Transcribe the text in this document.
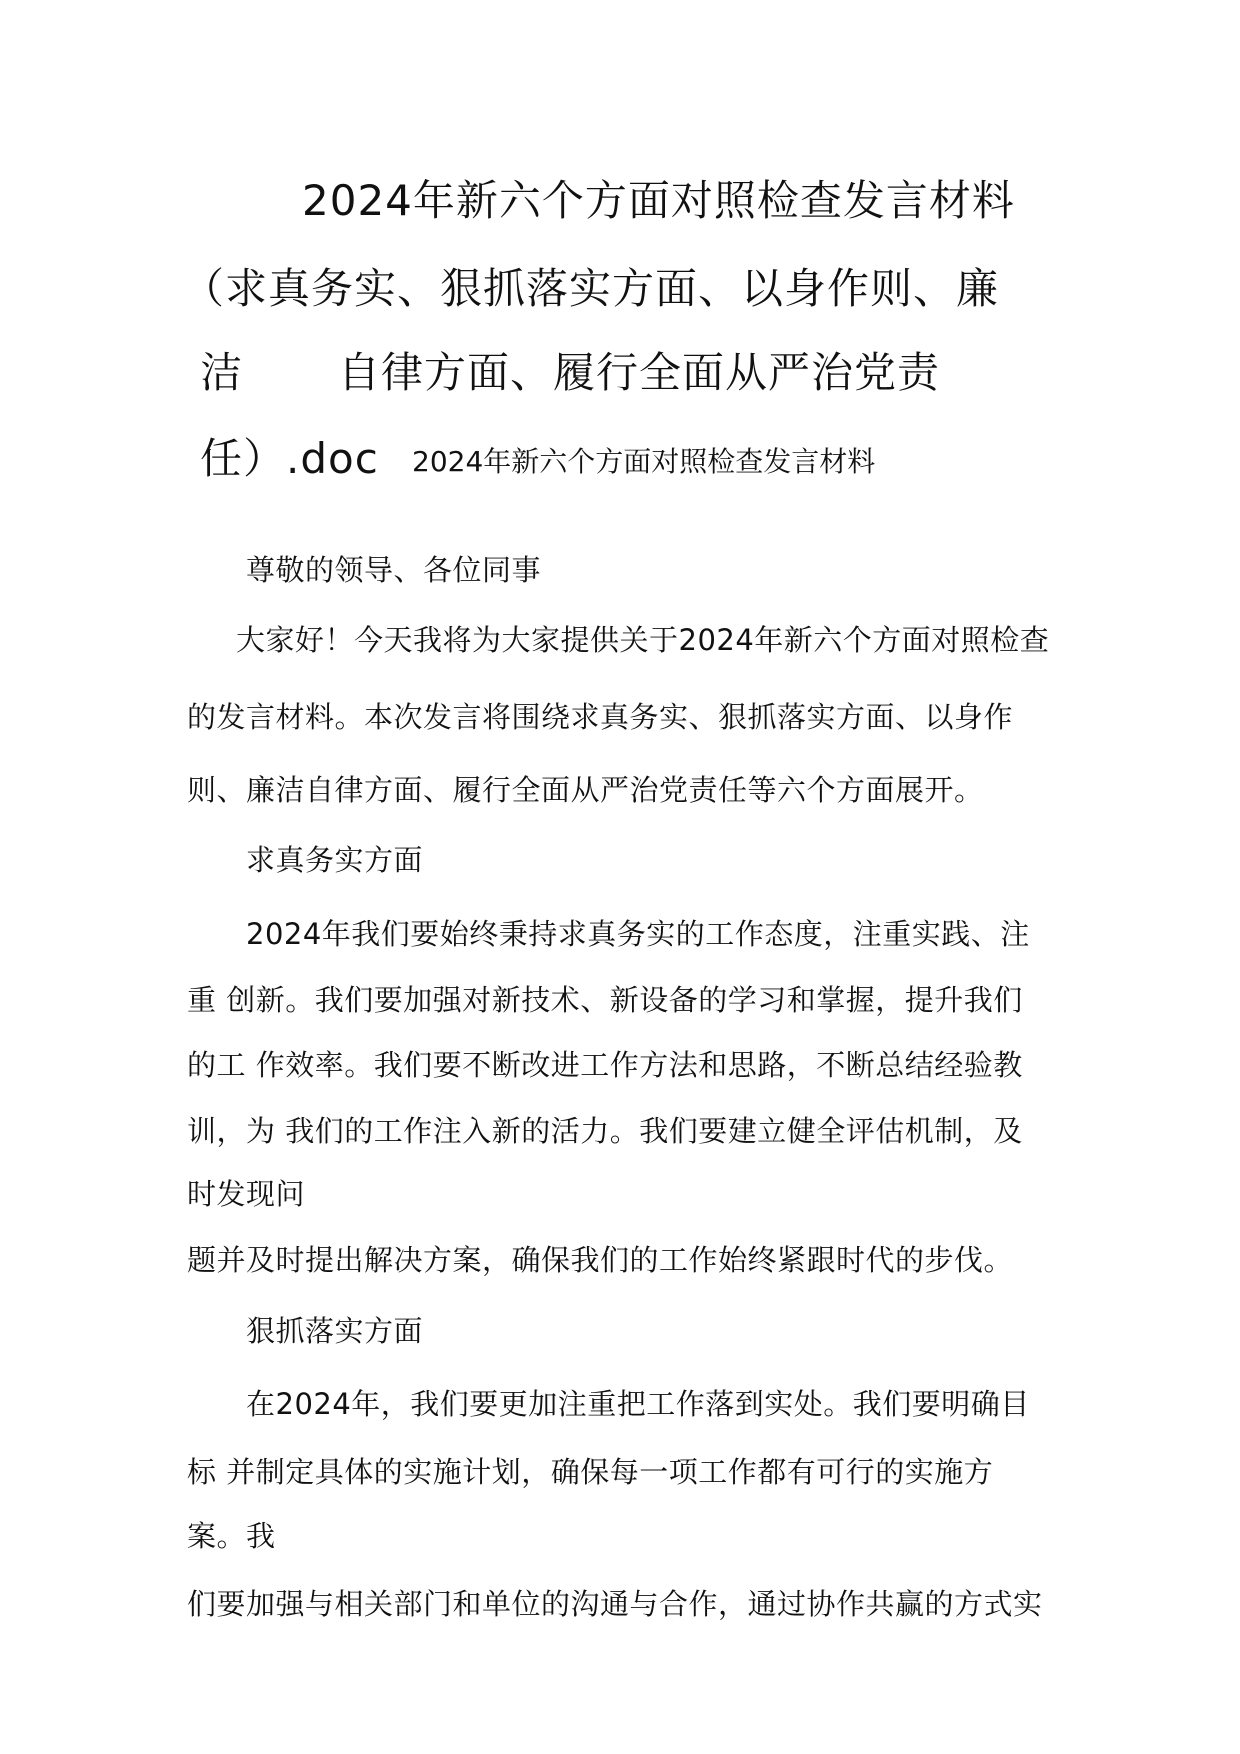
2024年新六个方面对照检查发言材料
（求真务实、狠抓落实方面、以身作则、廉
洁 自律方面、履行全面从严治党责
任）.doc 2024年新六个方面对照检查发言材料
尊敬的领导、各位同事
大家好！今天我将为大家提供关于2024年新六个方面对照检查
的发言材料。本次发言将围绕求真务实、狠抓落实方面、以身作
则、廉洁自律方面、履行全面从严治党责任等六个方面展开。
求真务实方面
2024年我们要始终秉持求真务实的工作态度，注重实践、注
重 创新。我们要加强对新技术、新设备的学习和掌握，提升我们
的工 作效率。我们要不断改进工作方法和思路，不断总结经验教
训，为 我们的工作注入新的活力。我们要建立健全评估机制，及
时发现问
题并及时提出解决方案，确保我们的工作始终紧跟时代的步伐。
狠抓落实方面
在2024年，我们要更加注重把工作落到实处。我们要明确目
标 并制定具体的实施计划，确保每一项工作都有可行的实施方
案。我
们要加强与相关部门和单位的沟通与合作，通过协作共赢的方式实
